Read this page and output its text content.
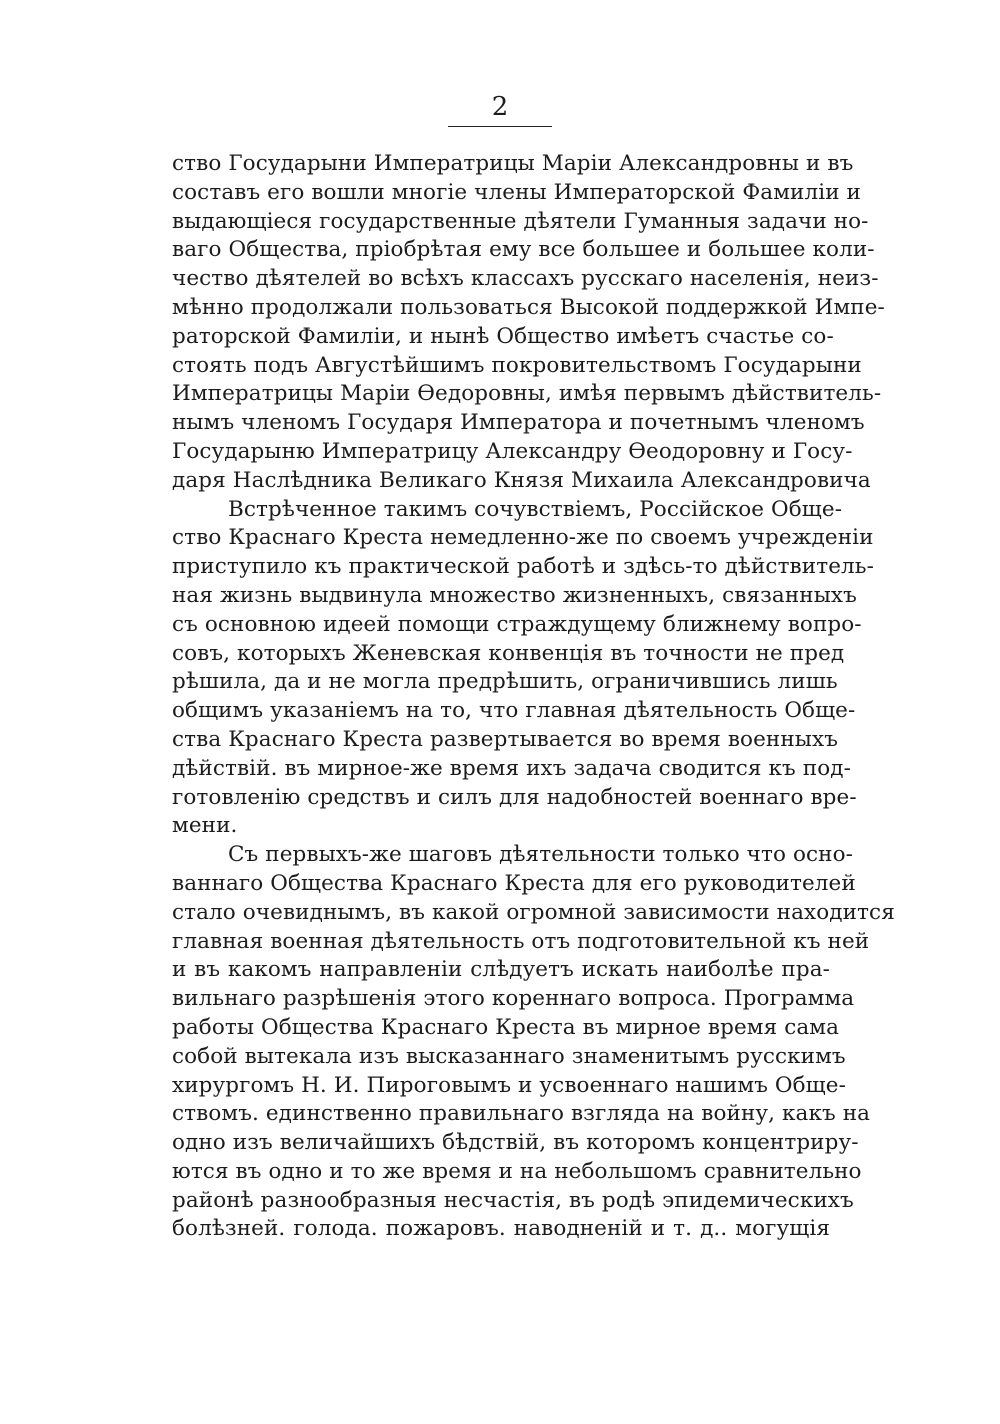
2
ство Государыни Императрицы Маріи Александровны и въ
составъ его вошли многіе члены Императорской Фамиліи и
выдающіеся государственные дѣятели Гуманныя задачи но-
ваго Общества, пріобрѣтая ему все большее и большее коли-
чество дѣятелей во всѣхъ классахъ русскаго населенія, неиз-
мѣнно продолжали пользоваться Высокой поддержкой Импе-
раторской Фамиліи, и нынѣ Общество имѣетъ счастье со-
стоять подъ Августѣйшимъ покровительствомъ Государыни
Императрицы Маріи Ѳедоровны, имѣя первымъ дѣйствитель-
нымъ членомъ Государя Императора и почетнымъ членомъ
Государыню Императрицу Александру Ѳеодоровну и Госу-
даря Наслѣдника Великаго Князя Михаила Александровича
Встрѣченное такимъ сочувствіемъ, Россійское Обще-
ство Краснаго Креста немедленно-же по своемъ учрежденіи
приступило къ практической работѣ и здѣсь-то дѣйствитель-
ная жизнь выдвинула множество жизненныхъ, связанныхъ
съ основною идеей помощи страждущему ближнему вопро-
совъ, которыхъ Женевская конвенція въ точности не пред
рѣшила, да и не могла предрѣшить, ограничившись лишь
общимъ указаніемъ на то, что главная дѣятельность Обще-
ства Краснаго Креста развертывается во время военныхъ
дѣйствій. въ мирное-же время ихъ задача сводится къ под-
готовленію средствъ и силъ для надобностей военнаго вре-
мени.
Съ первыхъ-же шаговъ дѣятельности только что осно-
ваннаго Общества Краснаго Креста для его руководителей
стало очевиднымъ, въ какой огромной зависимости находится
главная военная дѣятельность отъ подготовительной къ ней
и въ какомъ направленіи слѣдуетъ искать наиболѣе пра-
вильнаго разрѣшенія этого кореннаго вопроса. Программа
работы Общества Краснаго Креста въ мирное время сама
собой вытекала изъ высказаннаго знаменитымъ русскимъ
хирургомъ Н. И. Пироговымъ и усвоеннаго нашимъ Обще-
ствомъ. единственно правильнаго взгляда на войну, какъ на
одно изъ величайшихъ бѣдствій, въ которомъ концентриру-
ются въ одно и то же время и на небольшомъ сравнительно
районѣ разнообразныя несчастія, въ родѣ эпидемическихъ
болѣзней. голода. пожаровъ. наводненій и т. д.. могущія
